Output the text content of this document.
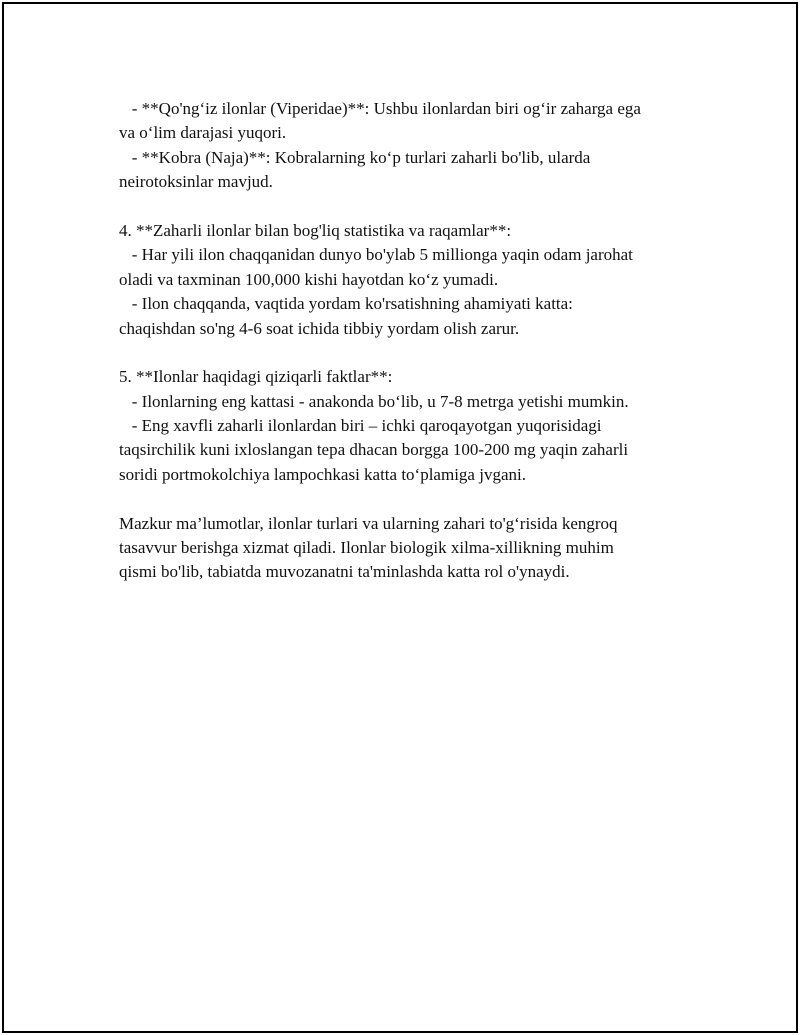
- **Qo'ng‘iz ilonlar (Viperidae)**: Ushbu ilonlardan biri og‘ir zaharga ega
va o‘lim darajasi yuqori.
- **Kobra (Naja)**: Kobralarning ko‘p turlari zaharli bo'lib, ularda
neirotoksinlar mavjud.
4. **Zaharli ilonlar bilan bog'liq statistika va raqamlar**:
- Har yili ilon chaqqanidan dunyo bo'ylab 5 millionga yaqin odam jarohat
oladi va taxminan 100,000 kishi hayotdan ko‘z yumadi.
- Ilon chaqqanda, vaqtida yordam ko'rsatishning ahamiyati katta:
chaqishdan so'ng 4-6 soat ichida tibbiy yordam olish zarur.
5. **Ilonlar haqidagi qiziqarli faktlar**:
- Ilonlarning eng kattasi - anakonda bo‘lib, u 7-8 metrga yetishi mumkin.
- Eng xavfli zaharli ilonlardan biri – ichki qaroqayotgan yuqorisidagi
taqsirchilik kuni ixloslangan tepa dhacan borgga 100-200 mg yaqin zaharli
soridi portmokolchiya lampochkasi katta to‘plamiga jvgani.
Mazkur ma’lumotlar, ilonlar turlari va ularning zahari to'g‘risida kengroq
tasavvur berishga xizmat qiladi. Ilonlar biologik xilma-xillikning muhim
qismi bo'lib, tabiatda muvozanatni ta'minlashda katta rol o'ynaydi.
